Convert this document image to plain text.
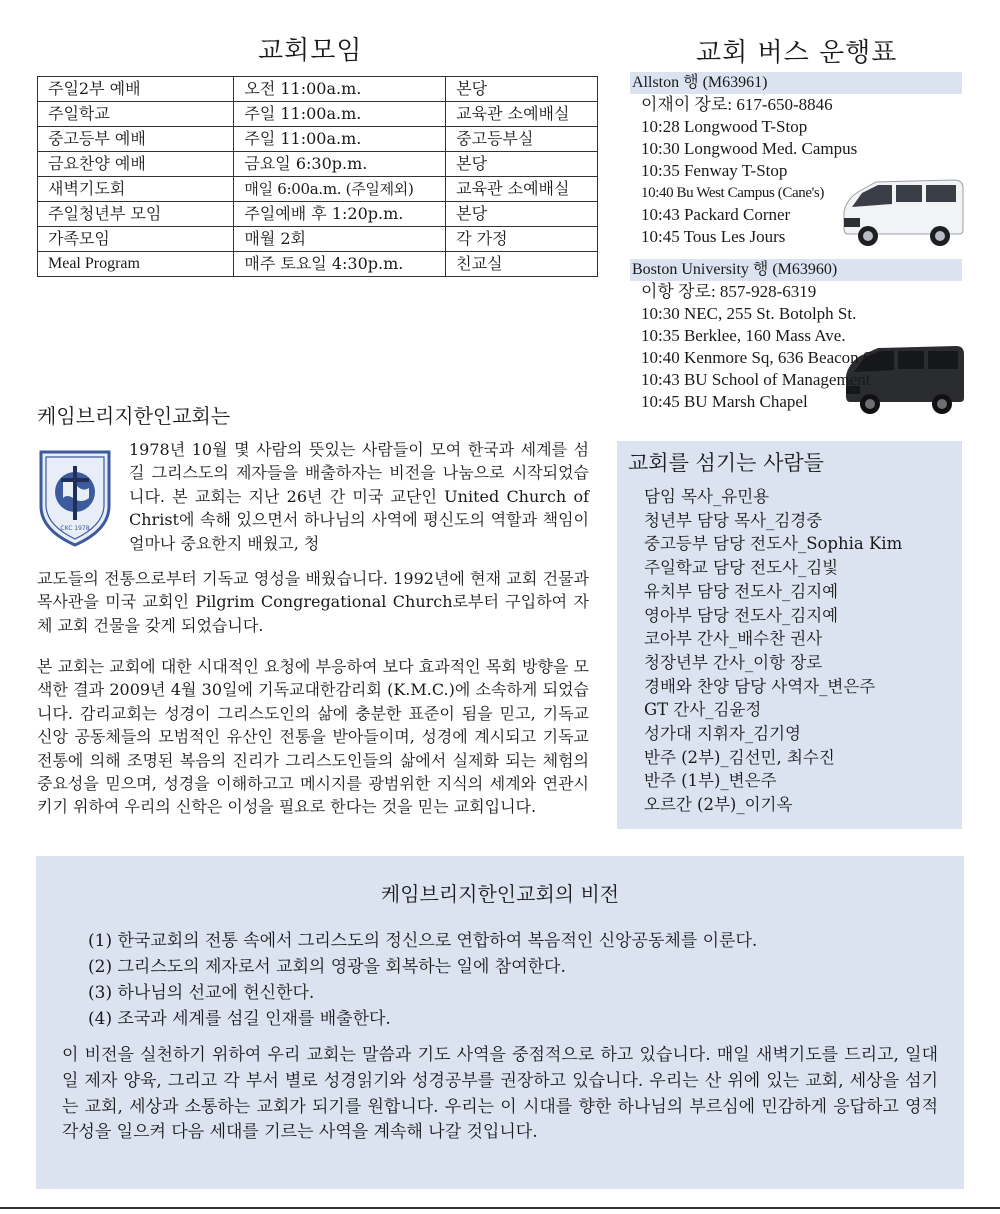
교회모임
주일2부 예배	오전 11:00a.m.	본당
주일학교	주일 11:00a.m.	교육관 소예배실
중고등부 예배	주일 11:00a.m.	중고등부실
금요찬양 예배	금요일 6:30p.m.	본당
새벽기도회	매일 6:00a.m. (주일제외)	교육관 소예배실
주일청년부 모임	주일예배 후 1:20p.m.	본당
가족모임	매월 2회	각 가정
Meal Program	매주 토요일 4:30p.m.	친교실
교회 버스 운행표
Allston 행 (M63961)
이재이 장로: 617-650-8846
10:28 Longwood T-Stop
10:30 Longwood Med. Campus
10:35 Fenway T-Stop
10:40 Bu West Campus (Cane's)
10:43 Packard Corner
10:45 Tous Les Jours
Boston University 행 (M63960)
이항 장로: 857-928-6319
10:30 NEC, 255 St. Botolph St.
10:35 Berklee, 160 Mass Ave.
10:40 Kenmore Sq, 636 Beacon St.
10:43 BU School of Management
10:45 BU Marsh Chapel
케임브리지한인교회는
CKC 1978
1978년 10월 몇 사람의 뜻있는 사람들이 모여 한국과 세계를 섬길 그리스도의 제자들을 배출하자는 비전을 나눔으로 시작되었습니다. 본 교회는 지난 26년 간 미국 교단인 United Church of Christ에 속해 있으면서 하나님의 사역에 평신도의 역할과 책임이 얼마나 중요한지 배웠고, 청
교도들의 전통으로부터 기독교 영성을 배웠습니다. 1992년에 현재 교회 건물과 목사관을 미국 교회인 Pilgrim Congregational Church로부터 구입하여 자체 교회 건물을 갖게 되었습니다.
본 교회는 교회에 대한 시대적인 요청에 부응하여 보다 효과적인 목회 방향을 모색한 결과 2009년 4월 30일에 기독교대한감리회 (K.M.C.)에 소속하게 되었습니다. 감리교회는 성경이 그리스도인의 삶에 충분한 표준이 됨을 믿고, 기독교 신앙 공동체들의 모범적인 유산인 전통을 받아들이며, 성경에 계시되고 기독교 전통에 의해 조명된 복음의 진리가 그리스도인들의 삶에서 실제화 되는 체험의 중요성을 믿으며, 성경을 이해하고고 메시지를 광범위한 지식의 세계와 연관시키기 위하여 우리의 신학은 이성을 필요로 한다는 것을 믿는 교회입니다.
교회를 섬기는 사람들
담임 목사_유민용
청년부 담당 목사_김경중
중고등부 담당 전도사_Sophia Kim
주일학교 담당 전도사_김빛
유치부 담당 전도사_김지예
영아부 담당 전도사_김지예
코아부 간사_배수찬 권사
청장년부 간사_이항 장로
경배와 찬양 담당 사역자_변은주
GT 간사_김윤정
성가대 지휘자_김기영
반주 (2부)_김선민, 최수진
반주 (1부)_변은주
오르간 (2부)_이기옥
케임브리지한인교회의 비전
(1) 한국교회의 전통 속에서 그리스도의 정신으로 연합하여 복음적인 신앙공동체를 이룬다.
(2) 그리스도의 제자로서 교회의 영광을 회복하는 일에 참여한다.
(3) 하나님의 선교에 헌신한다.
(4) 조국과 세계를 섬길 인재를 배출한다.
이 비전을 실천하기 위하여 우리 교회는 말씀과 기도 사역을 중점적으로 하고 있습니다. 매일 새벽기도를 드리고, 일대일 제자 양육, 그리고 각 부서 별로 성경읽기와 성경공부를 권장하고 있습니다. 우리는 산 위에 있는 교회, 세상을 섬기는 교회, 세상과 소통하는 교회가 되기를 원합니다. 우리는 이 시대를 향한 하나님의 부르심에 민감하게 응답하고 영적 각성을 일으켜 다음 세대를 기르는 사역을 계속해 나갈 것입니다.
